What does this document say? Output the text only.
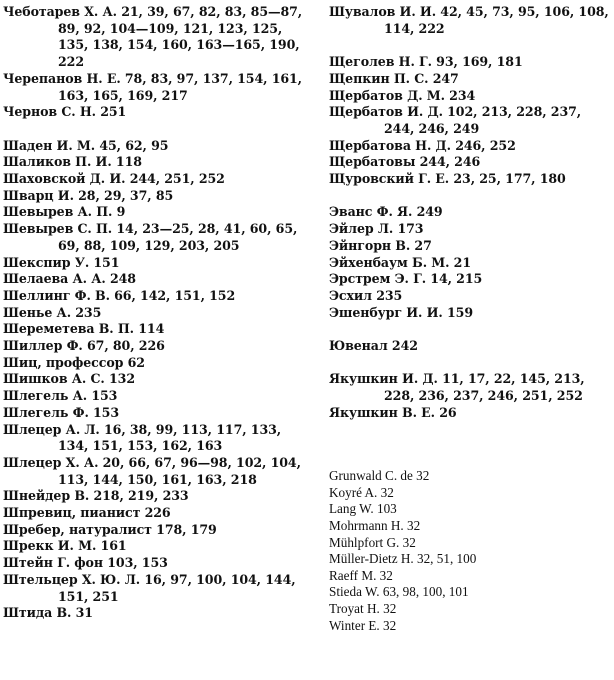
Чеботарев Х. А. 21, 39, 67, 82, 83, 85—87, 89, 92, 104—109, 121, 123, 125, 135, 138, 154, 160, 163—165, 190, 222
Черепанов Н. Е. 78, 83, 97, 137, 154, 161, 163, 165, 169, 217
Чернов С. Н. 251
Шаден И. М. 45, 62, 95
Шаликов П. И. 118
Шаховской Д. И. 244, 251, 252
Шварц И. 28, 29, 37, 85
Шевырев А. П. 9
Шевырев С. П. 14, 23—25, 28, 41, 60, 65, 69, 88, 109, 129, 203, 205
Шекспир У. 151
Шелаева А. А. 248
Шеллинг Ф. В. 66, 142, 151, 152
Шенье А. 235
Шереметева В. П. 114
Шиллер Ф. 67, 80, 226
Шиц, профессор 62
Шишков А. С. 132
Шлегель А. 153
Шлегель Ф. 153
Шлецер А. Л. 16, 38, 99, 113, 117, 133, 134, 151, 153, 162, 163
Шлецер Х. А. 20, 66, 67, 96—98, 102, 104, 113, 144, 150, 161, 163, 218
Шнейдер В. 218, 219, 233
Шпревиц, пианист 226
Шребер, натуралист 178, 179
Шрекк И. М. 161
Штейн Г. фон 103, 153
Штельцер Х. Ю. Л. 16, 97, 100, 104, 144, 151, 251
Штида В. 31
Шувалов И. И. 42, 45, 73, 95, 106, 108, 114, 222
Щеголев Н. Г. 93, 169, 181
Щепкин П. С. 247
Щербатов Д. М. 234
Щербатов И. Д. 102, 213, 228, 237, 244, 246, 249
Щербатова Н. Д. 246, 252
Щербатовы 244, 246
Щуровский Г. Е. 23, 25, 177, 180
Эванс Ф. Я. 249
Эйлер Л. 173
Эйнгорн В. 27
Эйхенбаум Б. М. 21
Эрстрем Э. Г. 14, 215
Эсхил 235
Эшенбург И. И. 159
Ювенал 242
Якушкин И. Д. 11, 17, 22, 145, 213, 228, 236, 237, 246, 251, 252
Якушкин В. Е. 26
Grunwald C. de 32
Koyré A. 32
Lang W. 103
Mohrmann H. 32
Mühlpfort G. 32
Müller-Dietz H. 32, 51, 100
Raeff M. 32
Stieda W. 63, 98, 100, 101
Troyat H. 32
Winter E. 32
